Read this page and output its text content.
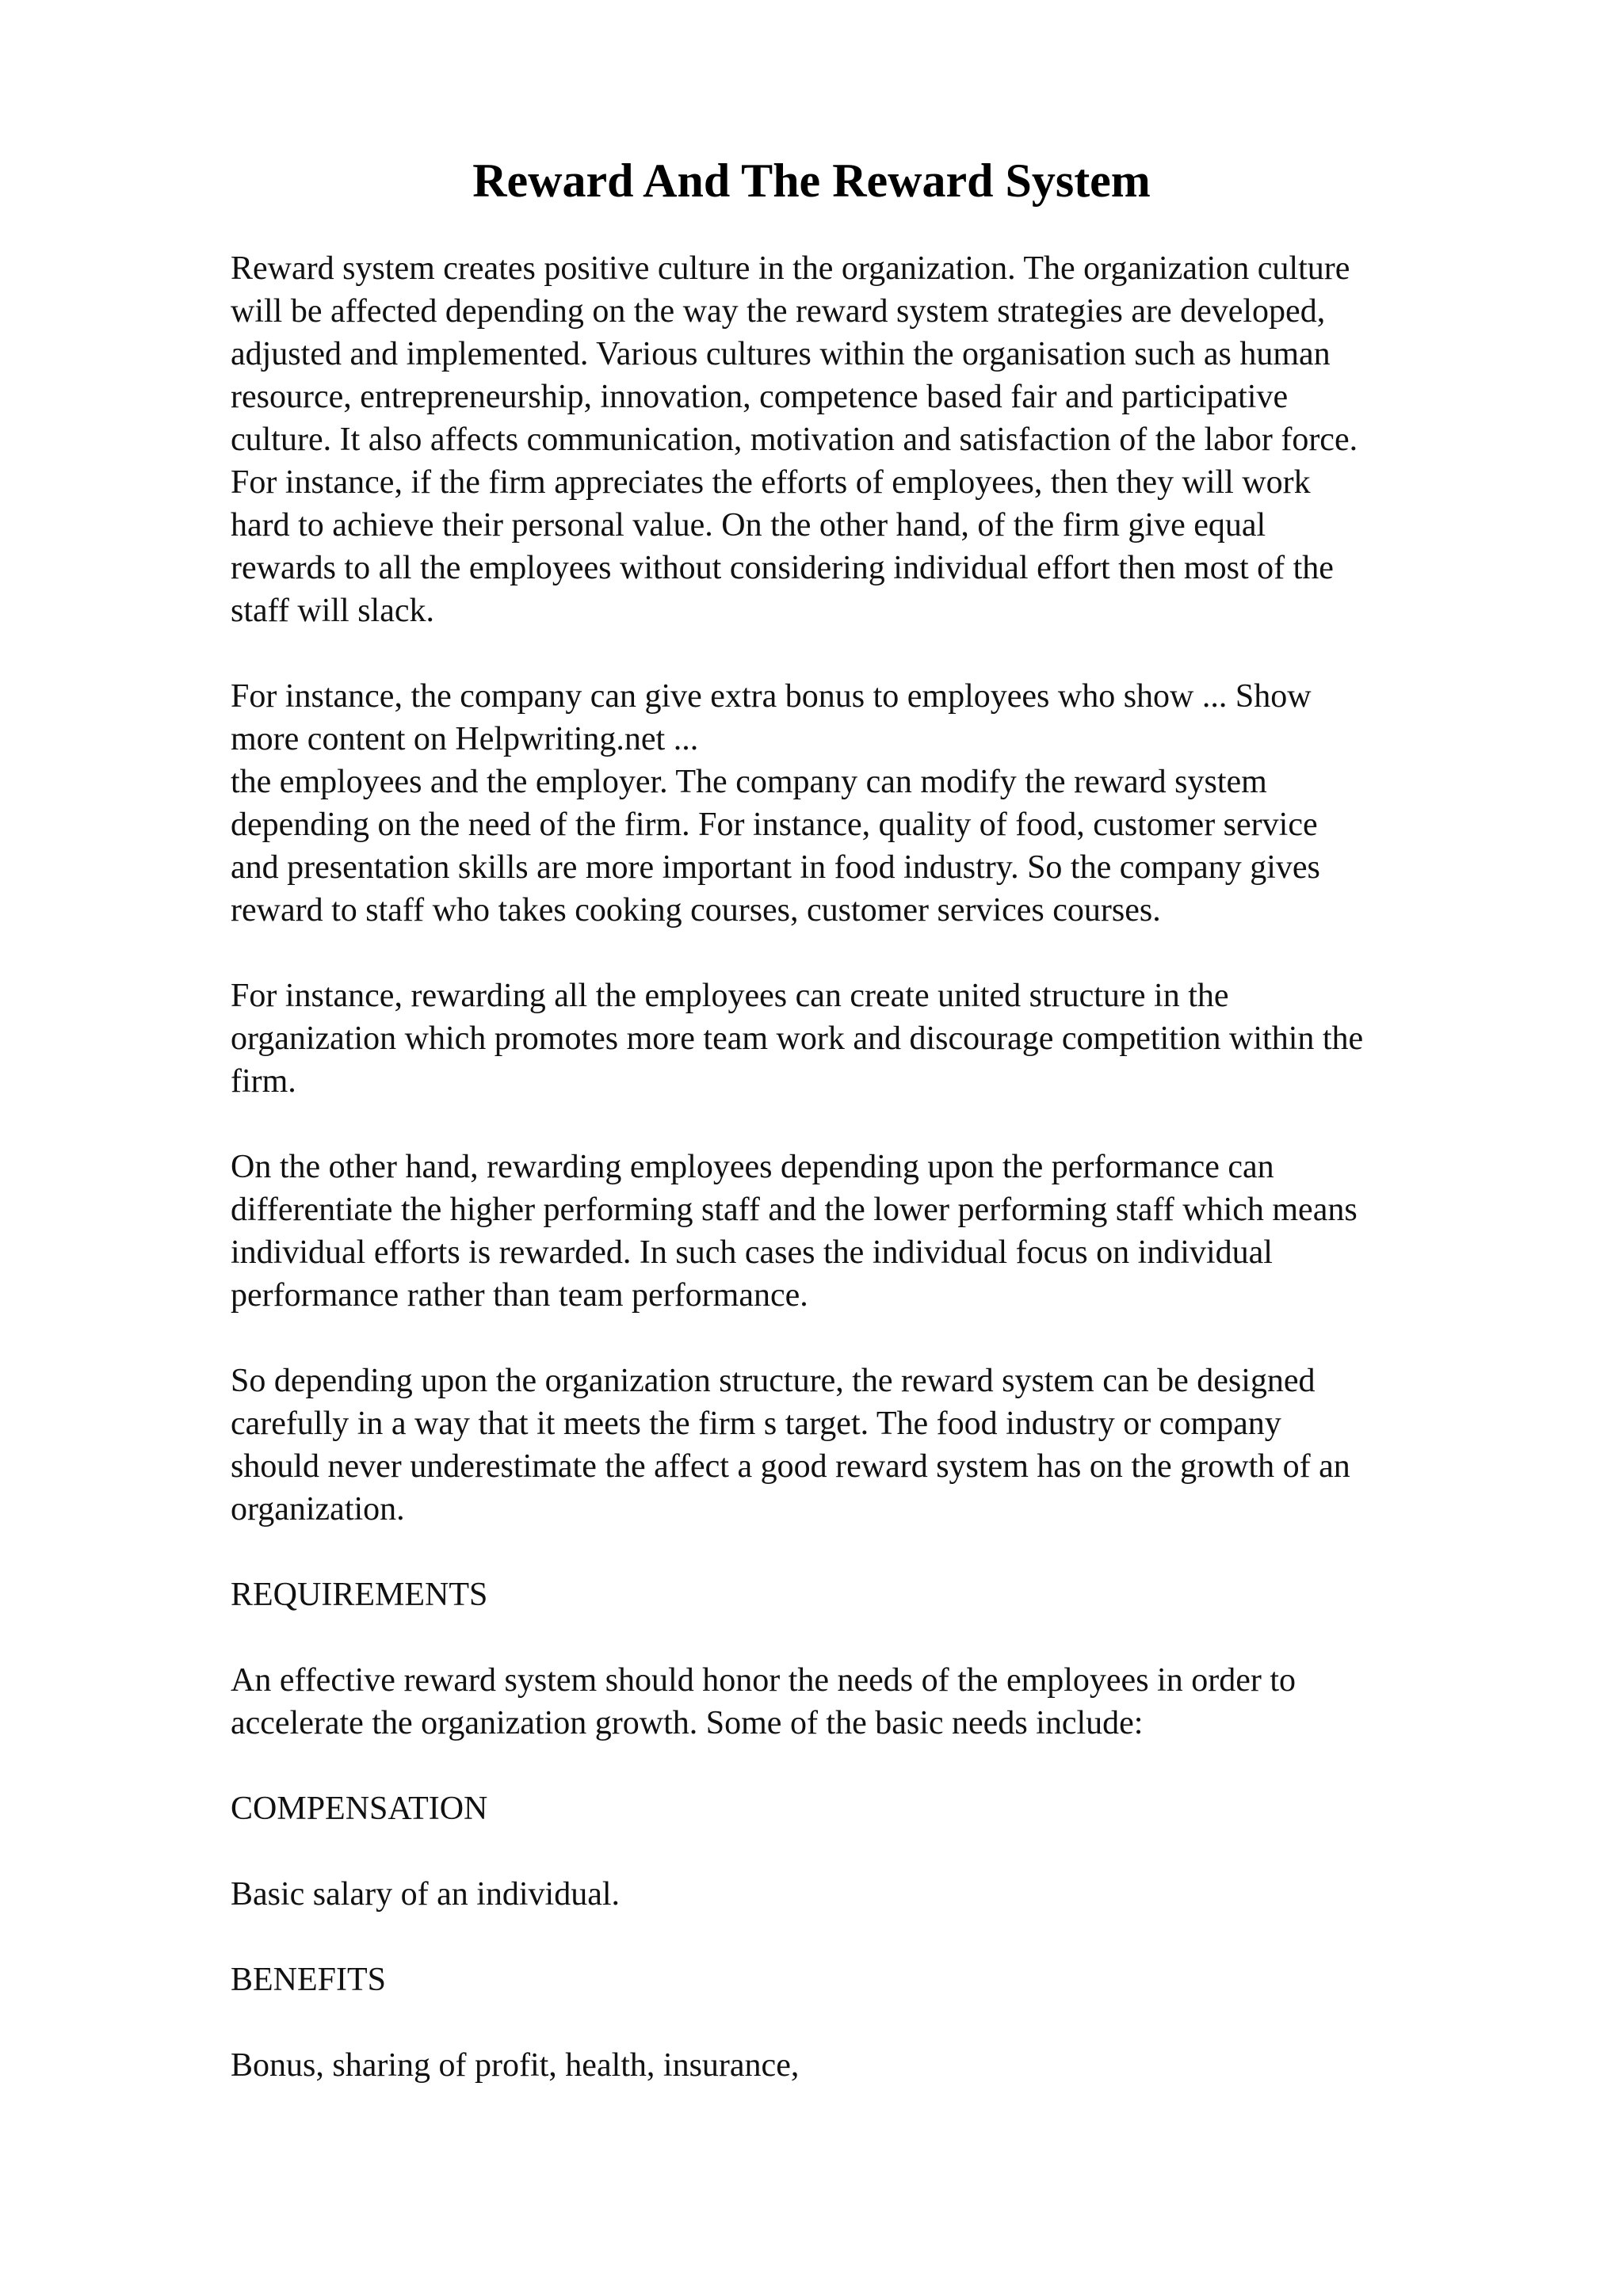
Reward And The Reward System

Reward system creates positive culture in the organization. The organization culture
will be affected depending on the way the reward system strategies are developed,
adjusted and implemented. Various cultures within the organisation such as human
resource, entrepreneurship, innovation, competence based fair and participative
culture. It also affects communication, motivation and satisfaction of the labor force.
For instance, if the firm appreciates the efforts of employees, then they will work
hard to achieve their personal value. On the other hand, of the firm give equal
rewards to all the employees without considering individual effort then most of the
staff will slack.

For instance, the company can give extra bonus to employees who show ... Show
more content on Helpwriting.net ...

the employees and the employer. The company can modify the reward system
depending on the need of the firm. For instance, quality of food, customer service
and presentation skills are more important in food industry. So the company gives
reward to staff who takes cooking courses, customer services courses.

For instance, rewarding all the employees can create united structure in the
organization which promotes more team work and discourage competition within the
firm.

On the other hand, rewarding employees depending upon the performance can
differentiate the higher performing staff and the lower performing staff which means
individual efforts is rewarded. In such cases the individual focus on individual
performance rather than team performance.

So depending upon the organization structure, the reward system can be designed
carefully in a way that it meets the firm s target. The food industry or company
should never underestimate the affect a good reward system has on the growth of an
organization.

REQUIREMENTS

An effective reward system should honor the needs of the employees in order to
accelerate the organization growth. Some of the basic needs include:

COMPENSATION

Basic salary of an individual.

BENEFITS

Bonus, sharing of profit, health, insurance,
